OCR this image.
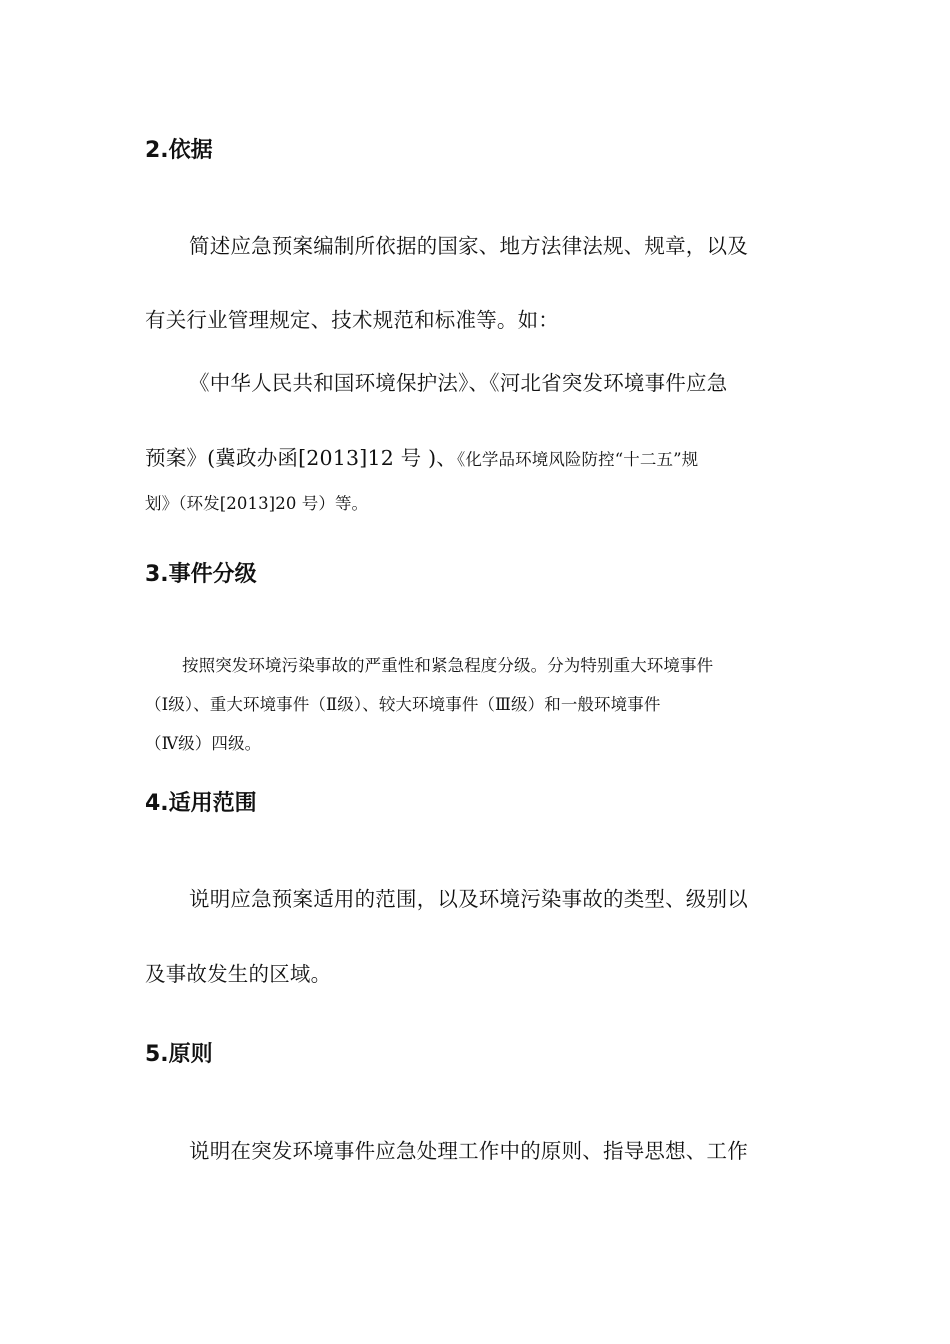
2.依据
简述应急预案编制所依据的国家、地方法律法规、规章，以及
有关行业管理规定、技术规范和标准等。如：
《中华人民共和国环境保护法》、《河北省突发环境事件应急
预案》(冀政办函[2013]12 号 )、《化学品环境风险防控“十二五”规
划》（环发[2013]20 号）等。
3.事件分级
按照突发环境污染事故的严重性和紧急程度分级。分为特别重大环境事件
（Ⅰ级）、重大环境事件（Ⅱ级）、较大环境事件（Ⅲ级）和一般环境事件
（Ⅳ级）四级。
4.适用范围
说明应急预案适用的范围，以及环境污染事故的类型、级别以
及事故发生的区域。
5.原则
说明在突发环境事件应急处理工作中的原则、指导思想、工作
